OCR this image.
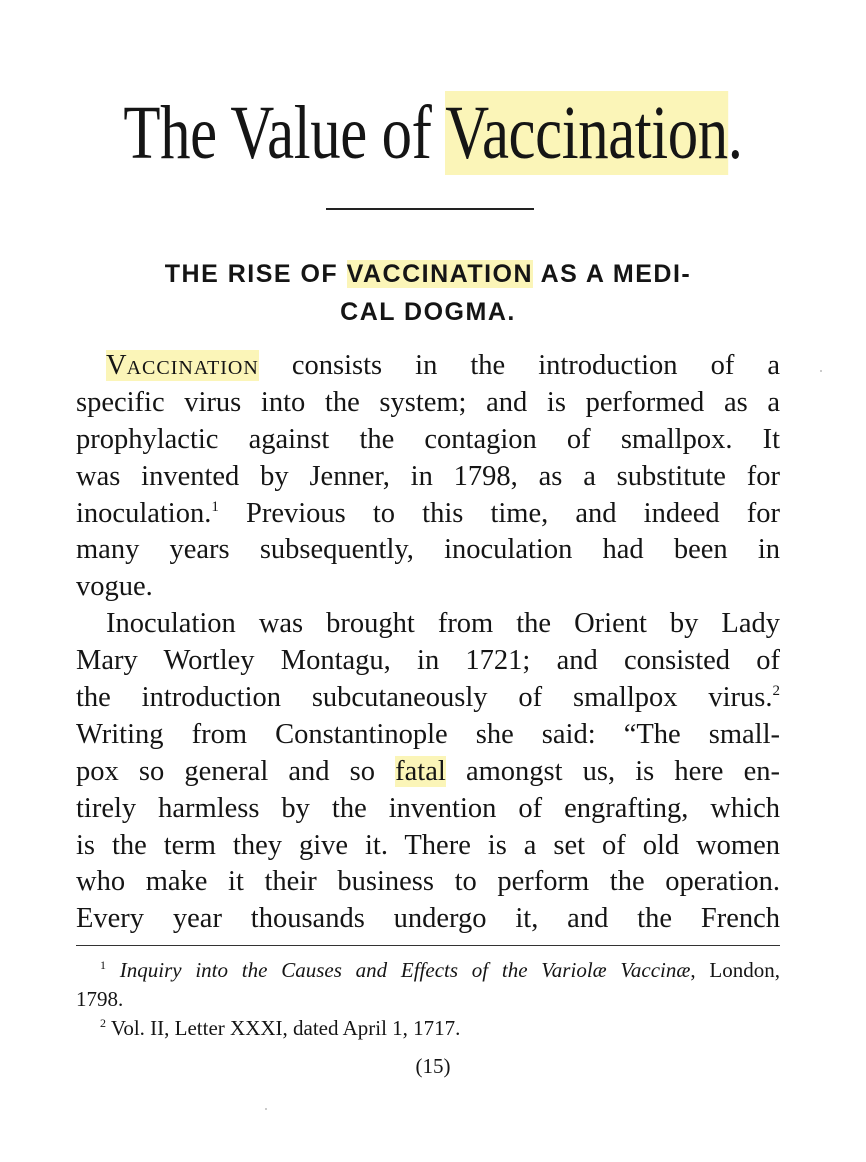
The Value of Vaccination.
THE RISE OF VACCINATION AS A MEDI-
CAL DOGMA.
VACCINATION consists in the introduction of a
specific virus into the system; and is performed as a
prophylactic against the contagion of smallpox. It
was invented by Jenner, in 1798, as a substitute for
inoculation.$^1$ Previous to this time, and indeed for
many years subsequently, inoculation had been in
vogue.
Inoculation was brought from the Orient by Lady
Mary Wortley Montagu, in 1721; and consisted of
the introduction subcutaneously of smallpox virus.$^2$
Writing from Constantinople she said: “The small-
pox so general and so fatal amongst us, is here en-
tirely harmless by the invention of engrafting, which
is the term they give it. There is a set of old women
who make it their business to perform the operation.
Every year thousands undergo it, and the French
$^1$ Inquiry into the Causes and Effects of the Variolæ Vaccinæ, London,
1798.
$^2$ Vol. II, Letter XXXI, dated April 1, 1717.
(15)
